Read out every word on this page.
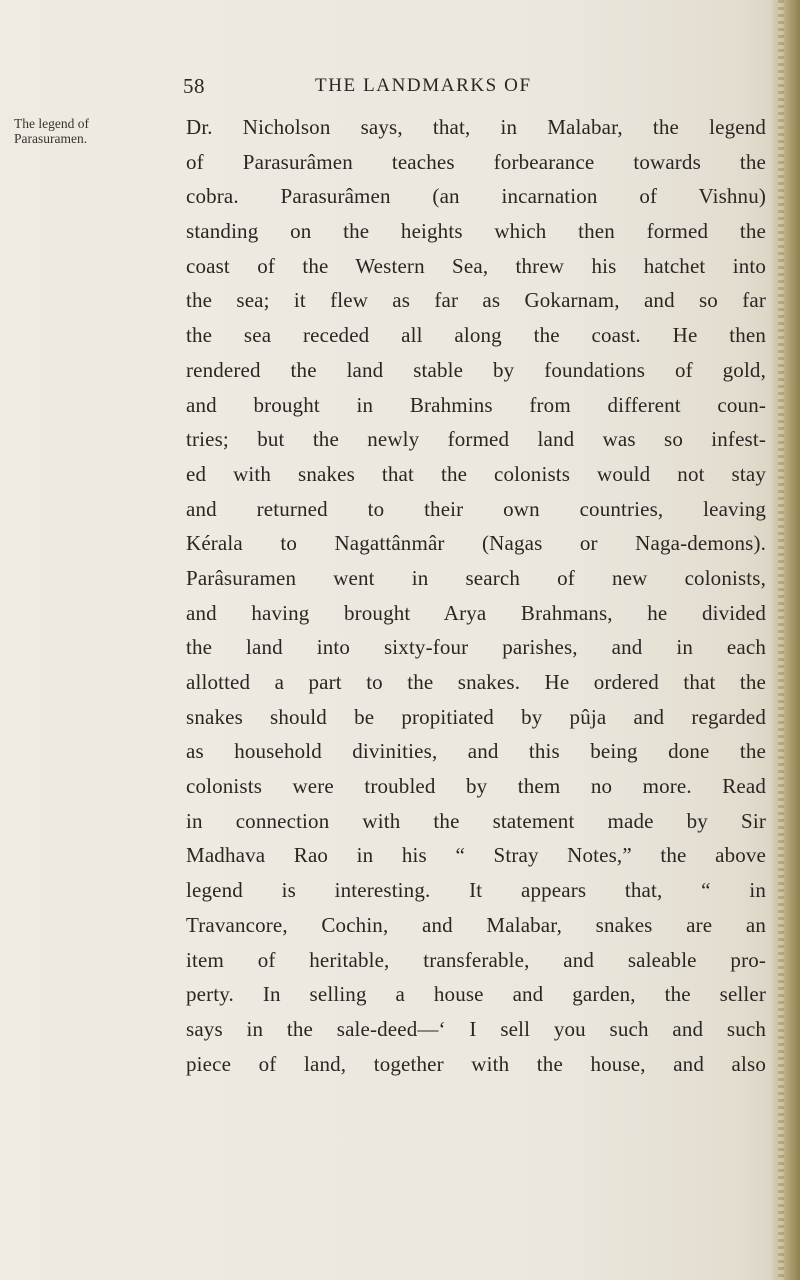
58	THE LANDMARKS OF
The legend of
Parasuramen.	Dr. Nicholson says, that, in Malabar, the legend
of Parasurâmen teaches forbearance towards the
cobra. Parasurâmen (an incarnation of Vishnu)
standing on the heights which then formed the
coast of the Western Sea, threw his hatchet into
the sea; it flew as far as Gokarnam, and so far
the sea receded all along the coast. He then
rendered the land stable by foundations of gold,
and brought in Brahmins from different coun-
tries; but the newly formed land was so infest-
ed with snakes that the colonists would not stay
and returned to their own countries, leaving
Kérala to Nagattânmâr (Nagas or Naga-demons).
Parâsuramen went in search of new colonists,
and having brought Arya Brahmans, he divided
the land into sixty-four parishes, and in each
allotted a part to the snakes. He ordered that the
snakes should be propitiated by pûja and regarded
as household divinities, and this being done the
colonists were troubled by them no more. Read
in connection with the statement made by Sir
Madhava Rao in his “ Stray Notes,” the above
legend is interesting. It appears that, “ in
Travancore, Cochin, and Malabar, snakes are an
item of heritable, transferable, and saleable pro-
perty. In selling a house and garden, the seller
says in the sale-deed—‘ I sell you such and such
piece of land, together with the house, and also
